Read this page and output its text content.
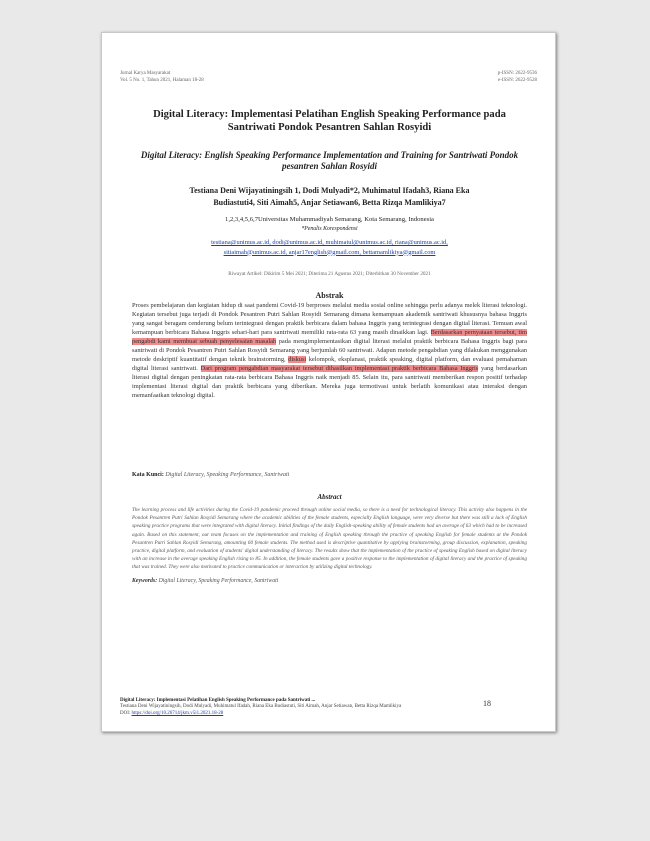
Jurnal Karya Masyarakat
Vol. 5 No. 1, Tahun 2021, Halaman 18-28
p-ISSN: 2622-9536
e-ISSN: 2622-9528
Digital Literacy: Implementasi Pelatihan English Speaking Performance pada Santriwati Pondok Pesantren Sahlan Rosyidi
Digital Literacy: English Speaking Performance Implementation and Training for Santriwati Pondok pesantren Sahlan Rosyidi
Testiana Deni Wijayatiningsih 1, Dodi Mulyadi*2, Muhimatul Ifadah3, Riana Eka
Budiastuti4, Siti Aimah5, Anjar Setiawan6, Betta Rizqa Mamlikiya7
1,2,3,4,5,6,7Universitas Muhammadiyah Semarang, Kota Semarang, Indonesia
*Penulis Korespondensi
testiana@unimus.ac.id, dodi@unimus.ac.id, muhimatul@unimus.ac.id, riana@unimus.ac.id,
sitiaimah@unimus.ac.id, anjar17english@gmail.com, bettamamlikiya@gmail.com
Riwayat Artikel: Dikirim 5 Mei 2021; Diterima 21 Agustus 2021; Diterbitkan 30 November 2021
Abstrak
Proses pembelajaran dan kegiatan hidup di saat pandemi Covid-19 berproses melalui media sosial online sehingga perlu adanya melek literasi teknologi. Kegiatan tersebut juga terjadi di Pondok Pesantren Putri Sahlan Rosyidi Semarang dimana kemampuan akademik santriwati khususnya bahasa Inggris yang sangat beragam cenderung belum terintegrasi dengan praktik berbicara dalam bahasa Inggris yang terintegrasi dengan digital literasi. Temuan awal kemampuan berbicara Bahasa Inggris sehari-hari para santriwati memiliki rata-rata 63 yang masih dinaikkan lagi. Berdasarkan pernyataan tersebut, tim pengabdi kami membuat sebuah penyelesaian masalah pada mengimplementasikan digital literasi melalui praktik berbicara Bahasa Inggris bagi para santriwati di Pondok Pesantren Putri Sahlan Rosyidi Semarang yang berjumlah 60 santriwati. Adapun metode pengabdian yang dilakukan menggunakan metode deskriptif kuantitatif dengan teknik brainstorming, diskusi kelompok, eksplanasi, praktik speaking, digital platform, dan evaluasi pemahaman digital literasi santriwati. Dari program pengabdian masyarakat tersebut dihasilkan implementasi praktik berbicara Bahasa Inggris yang berdasarkan literasi digital dengan peningkatan rata-rata berbicara Bahasa Inggris naik menjadi 85. Selain itu, para santriwati memberikan respon positif terhadap implementasi literasi digital dan praktik berbicara yang diberikan. Mereka juga termotivasi untuk berlatih komunikasi atau interaksi dengan memanfaatkan teknologi digital.
Kata Kunci: Digital Literacy, Speaking Performance, Santriwati
Abstract
The learning process and life activities during the Covid-19 pandemic proceed through online social media, so there is a need for technological literacy. This activity also happens in the Pondok Pesantren Putri Sahlan Rosyidi Semarang where the academic abilities of the female students, especially English language, were very diverse but there was still a lack of English speaking practice programs that were integrated with digital literacy. Initial findings of the daily English-speaking ability of female students had an average of 63 which had to be increased again. Based on this statement, our team focuses on the implementation and training of English speaking through the practice of speaking English for female students at the Pondok Pesantren Putri Sahlan Rosyidi Semarang, amounting 60 female students. The method used is descriptive quantitative by applying brainstorming, group discussion, explanation, speaking practice, digital platform, and evaluation of students' digital understanding of literacy. The results show that the implementation of the practice of speaking English based on digital literacy with an increase in the average speaking English rising to 85. In addition, the female students gave a positive response to the implementation of digital literacy and the practice of speaking that was trained. They were also motivated to practice communication or interaction by utilizing digital technology.
Keywords: Digital Literacy, Speaking Performance, Santriwati
Digital Literacy: Implementasi Pelatihan English Speaking Performance pada Santriwati ...
Testiana Deni Wijayatiningsih, Dodi Mulyadi, Muhimatul Ifadah, Riana Eka Budiastuti, Siti Aimah, Anjar Setiawan, Betta Rizqa Mamlikiya
DOI: https://doi.org/10.26714/jkm.v5i1.2021.18-28
18
